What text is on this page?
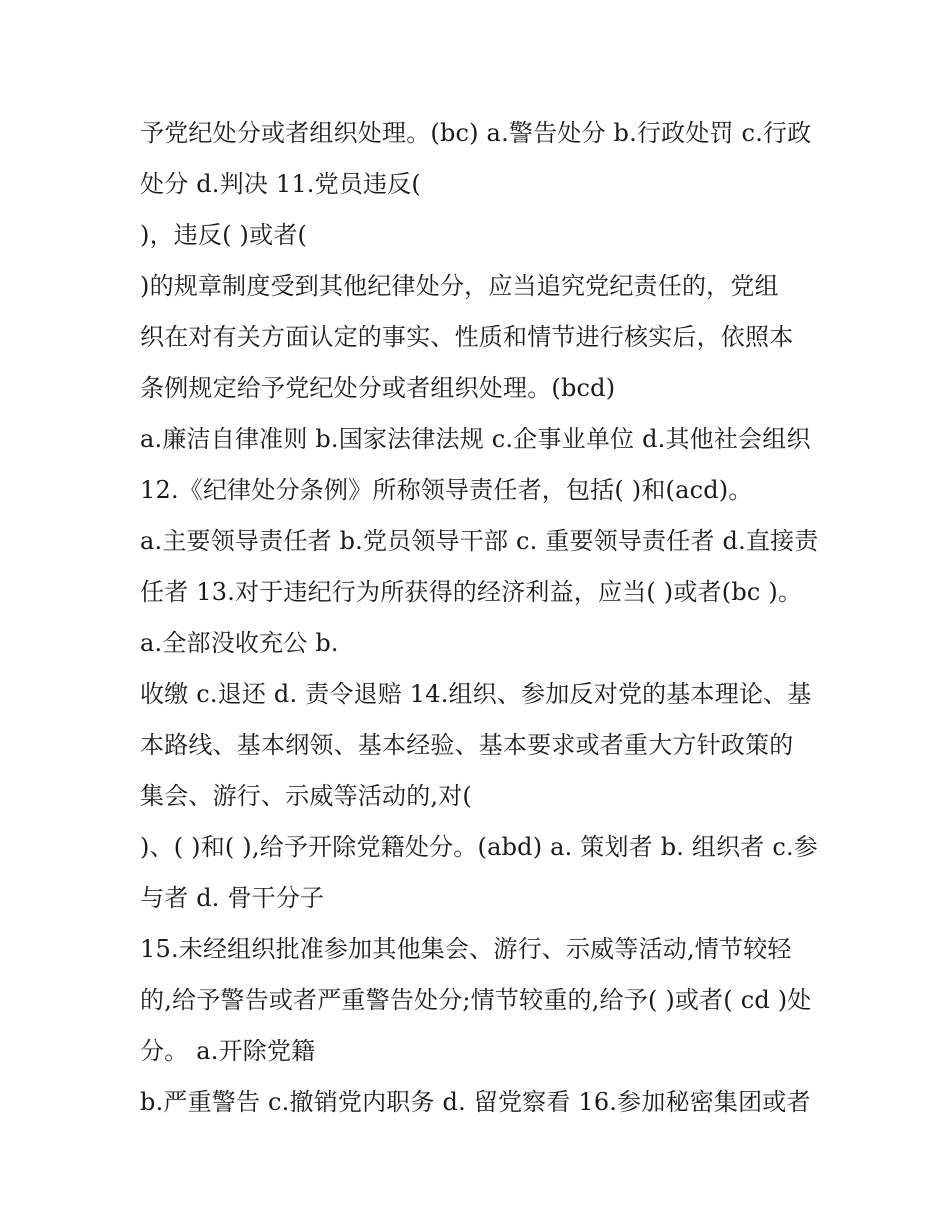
予党纪处分或者组织处理。(bc) a.警告处分 b.行政处罚 c.行政
处分 d.判决 11.党员违反(
)，违反( )或者(
)的规章制度受到其他纪律处分，应当追究党纪责任的，党组
织在对有关方面认定的事实、性质和情节进行核实后，依照本
条例规定给予党纪处分或者组织处理。(bcd)
a.廉洁自律准则 b.国家法律法规 c.企事业单位 d.其他社会组织
12.《纪律处分条例》所称领导责任者，包括( )和(acd)。
a.主要领导责任者 b.党员领导干部 c. 重要领导责任者 d.直接责
任者 13.对于违纪行为所获得的经济利益，应当( )或者(bc )。
a.全部没收充公 b.
收缴 c.退还 d. 责令退赔 14.组织、参加反对党的基本理论、基
本路线、基本纲领、基本经验、基本要求或者重大方针政策的
集会、游行、示威等活动的,对(
)、( )和( ),给予开除党籍处分。(abd) a. 策划者 b. 组织者 c.参
与者 d. 骨干分子
15.未经组织批准参加其他集会、游行、示威等活动,情节较轻
的,给予警告或者严重警告处分;情节较重的,给予( )或者( cd )处
分。 a.开除党籍
b.严重警告 c.撤销党内职务 d. 留党察看 16.参加秘密集团或者
